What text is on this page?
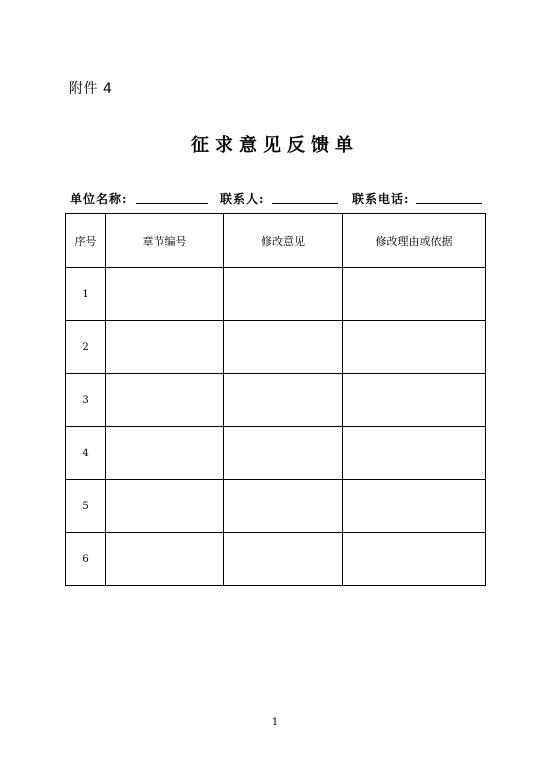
附件 4
征求意见反馈单
单位名称:	联系人:	联系电话:
序号	章节编号	修改意见	修改理由或依据
1			
2			
3			
4			
5			
6			
1
